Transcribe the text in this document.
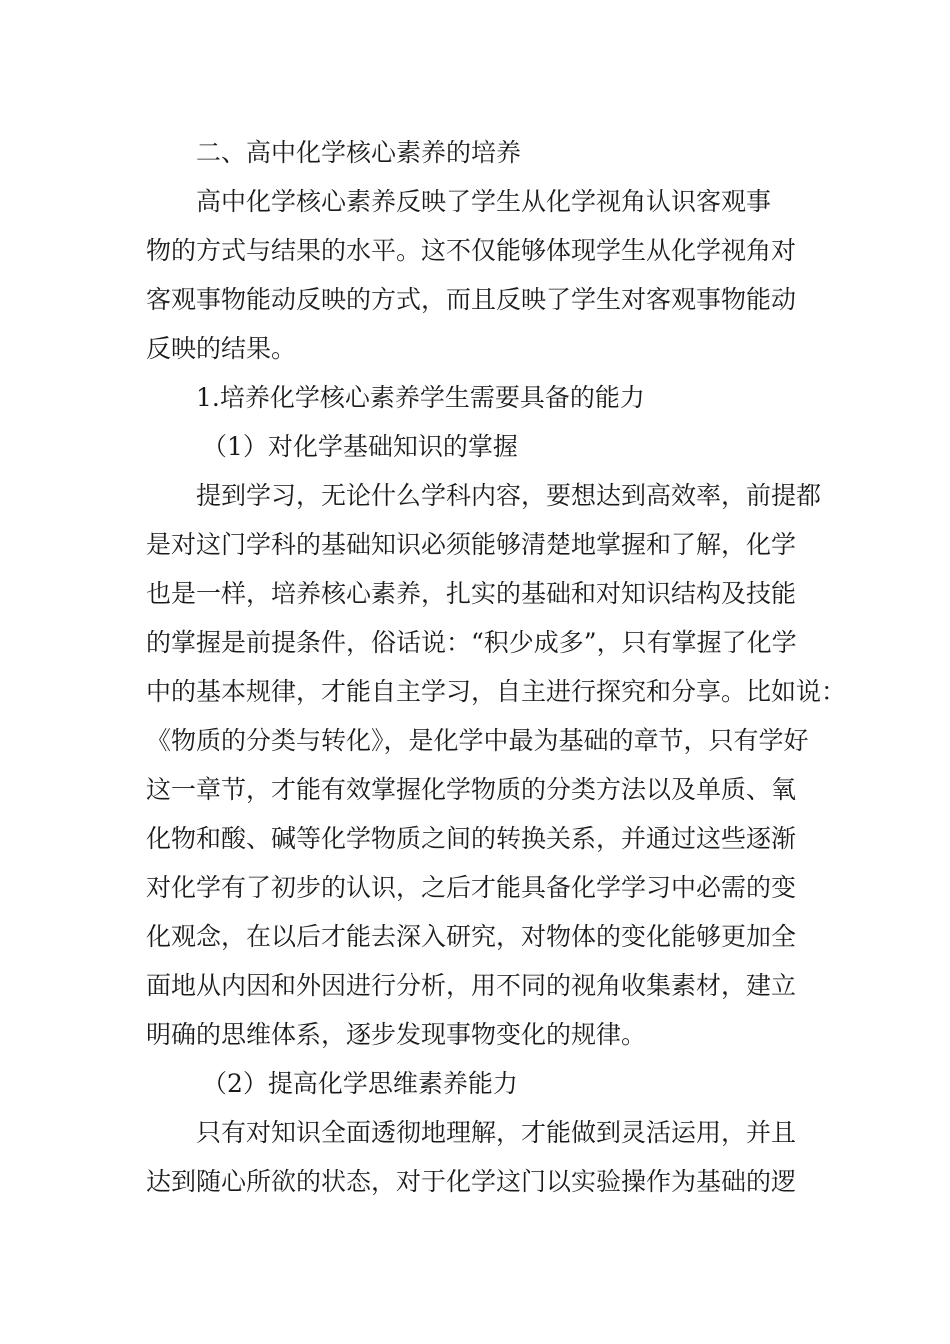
二、高中化学核心素养的培养
高中化学核心素养反映了学生从化学视角认识客观事
物的方式与结果的水平。这不仅能够体现学生从化学视角对
客观事物能动反映的方式，而且反映了学生对客观事物能动
反映的结果。
1.培养化学核心素养学生需要具备的能力
（1）对化学基础知识的掌握
提到学习，无论什么学科内容，要想达到高效率，前提都
是对这门学科的基础知识必须能够清楚地掌握和了解，化学
也是一样，培养核心素养，扎实的基础和对知识结构及技能
的掌握是前提条件，俗话说：“积少成多”，只有掌握了化学
中的基本规律，才能自主学习，自主进行探究和分享。比如说：
《物质的分类与转化》，是化学中最为基础的章节，只有学好
这一章节，才能有效掌握化学物质的分类方法以及单质、氧
化物和酸、碱等化学物质之间的转换关系，并通过这些逐渐
对化学有了初步的认识，之后才能具备化学学习中必需的变
化观念，在以后才能去深入研究，对物体的变化能够更加全
面地从内因和外因进行分析，用不同的视角收集素材，建立
明确的思维体系，逐步发现事物变化的规律。
（2）提高化学思维素养能力
只有对知识全面透彻地理解，才能做到灵活运用，并且
达到随心所欲的状态，对于化学这门以实验操作为基础的逻
